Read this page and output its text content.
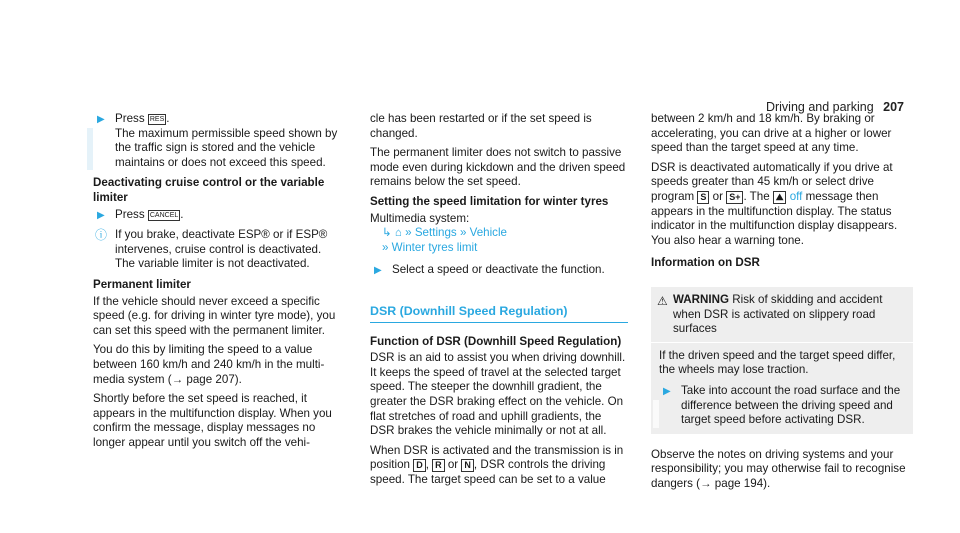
Driving and parking 207
▶ Press RES .
The maximum permissible speed shown by the traffic sign is stored and the vehicle maintains or does not exceed this speed.
Deactivating cruise control or the variable limiter
▶ Press CANCEL .
ⓘ If you brake, deactivate ESP® or if ESP® intervenes, cruise control is deactivated. The variable limiter is not deactivated.
Permanent limiter

If the vehicle should never exceed a specific speed (e.g. for driving in winter tyre mode), you can set this speed with the permanent limiter.

You do this by limiting the speed to a value between 160 km/h and 240 km/h in the multi-media system (→ page 207).

Shortly before the set speed is reached, it appears in the multifunction display. When you confirm the message, display messages no longer appear until you switch off the vehi-

cle has been restarted or if the set speed is changed.

The permanent limiter does not switch to passive mode even during kickdown and the driven speed remains below the set speed.

Setting the speed limitation for winter tyres
Multimedia system:
↳ ⌂ » Settings » Vehicle
» Winter tyres limit
▶ Select a speed or deactivate the function.
DSR (Downhill Speed Regulation)
Function of DSR (Downhill Speed Regulation)

DSR is an aid to assist you when driving downhill. It keeps the speed of travel at the selected target speed. The steeper the downhill gradient, the greater the DSR braking effect on the vehicle. On flat stretches of road and uphill gradients, the DSR brakes the vehicle minimally or not at all.

When DSR is activated and the transmission is in position D , R or N , DSR controls the driving speed. The target speed can be set to a value

between 2 km/h and 18 km/h. By braking or accelerating, you can drive at a higher or lower speed than the target speed at any time.

DSR is deactivated automatically if you drive at speeds greater than 45 km/h or select drive program S or S+ . The ⛰ off message then appears in the multifunction display. The status indicator in the multifunction display disappears. You also hear a warning tone.

Information on DSR
⚠ WARNING Risk of skidding and accident when DSR is activated on slippery road surfaces
If the driven speed and the target speed differ, the wheels may lose traction.
▶ Take into account the road surface and the difference between the driving speed and target speed before activating DSR.

Observe the notes on driving systems and your responsibility; you may otherwise fail to recognise dangers (→ page 194).
